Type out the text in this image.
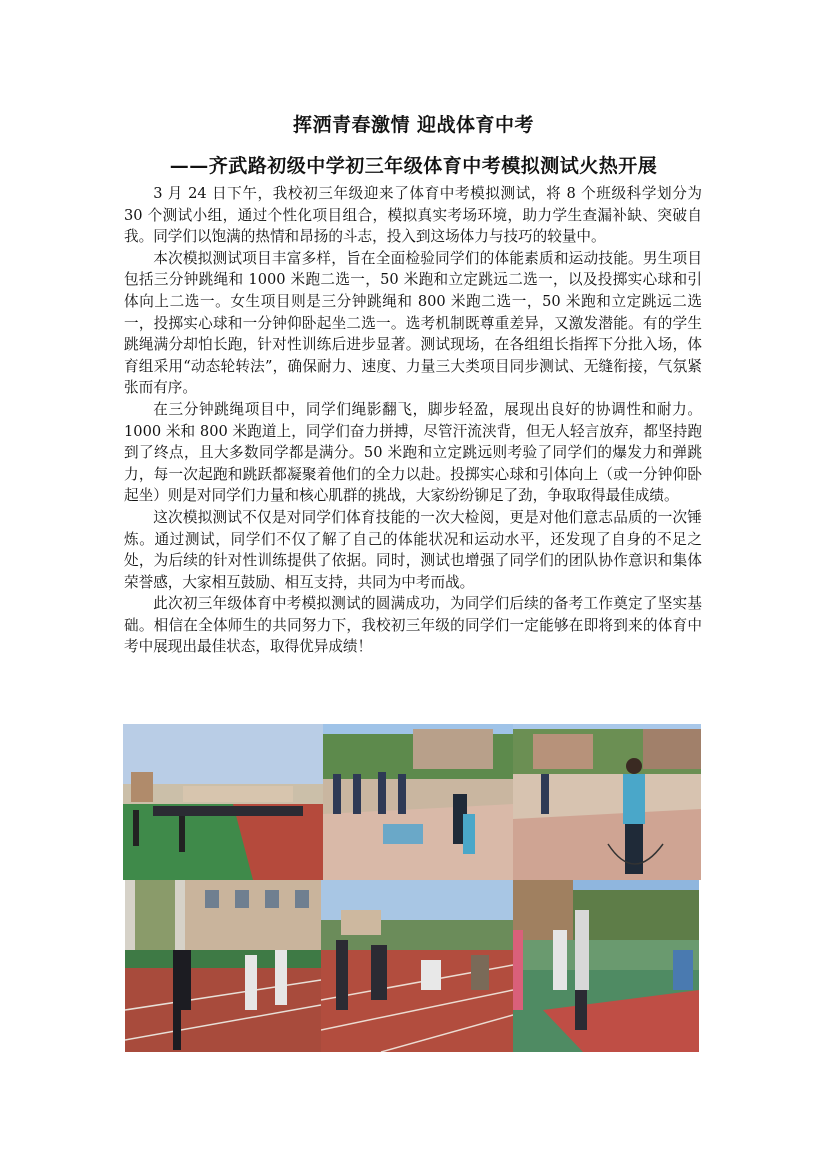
挥洒青春激情 迎战体育中考
——齐武路初级中学初三年级体育中考模拟测试火热开展

3 月 24 日下午，我校初三年级迎来了体育中考模拟测试，将 8 个班级科学划分为 30 个测试小组，通过个性化项目组合，模拟真实考场环境，助力学生查漏补缺、突破自我。同学们以饱满的热情和昂扬的斗志，投入到这场体力与技巧的较量中。

本次模拟测试项目丰富多样，旨在全面检验同学们的体能素质和运动技能。男生项目包括三分钟跳绳和 1000 米跑二选一，50 米跑和立定跳远二选一，以及投掷实心球和引体向上二选一。女生项目则是三分钟跳绳和 800 米跑二选一，50 米跑和立定跳远二选一，投掷实心球和一分钟仰卧起坐二选一。选考机制既尊重差异，又激发潜能。有的学生跳绳满分却怕长跑，针对性训练后进步显著。测试现场，在各组组长指挥下分批入场，体育组采用“动态轮转法”，确保耐力、速度、力量三大类项目同步测试、无缝衔接，气氛紧张而有序。

在三分钟跳绳项目中，同学们绳影翻飞，脚步轻盈，展现出良好的协调性和耐力。1000 米和 800 米跑道上，同学们奋力拼搏，尽管汗流浃背，但无人轻言放弃，都坚持跑到了终点，且大多数同学都是满分。50 米跑和立定跳远则考验了同学们的爆发力和弹跳力，每一次起跑和跳跃都凝聚着他们的全力以赴。投掷实心球和引体向上（或一分钟仰卧起坐）则是对同学们力量和核心肌群的挑战，大家纷纷铆足了劲，争取取得最佳成绩。

这次模拟测试不仅是对同学们体育技能的一次大检阅，更是对他们意志品质的一次锤炼。通过测试，同学们不仅了解了自己的体能状况和运动水平，还发现了自身的不足之处，为后续的针对性训练提供了依据。同时，测试也增强了同学们的团队协作意识和集体荣誉感，大家相互鼓励、相互支持，共同为中考而战。

此次初三年级体育中考模拟测试的圆满成功，为同学们后续的备考工作奠定了坚实基础。相信在全体师生的共同努力下，我校初三年级的同学们一定能够在即将到来的体育中考中展现出最佳状态，取得优异成绩！
